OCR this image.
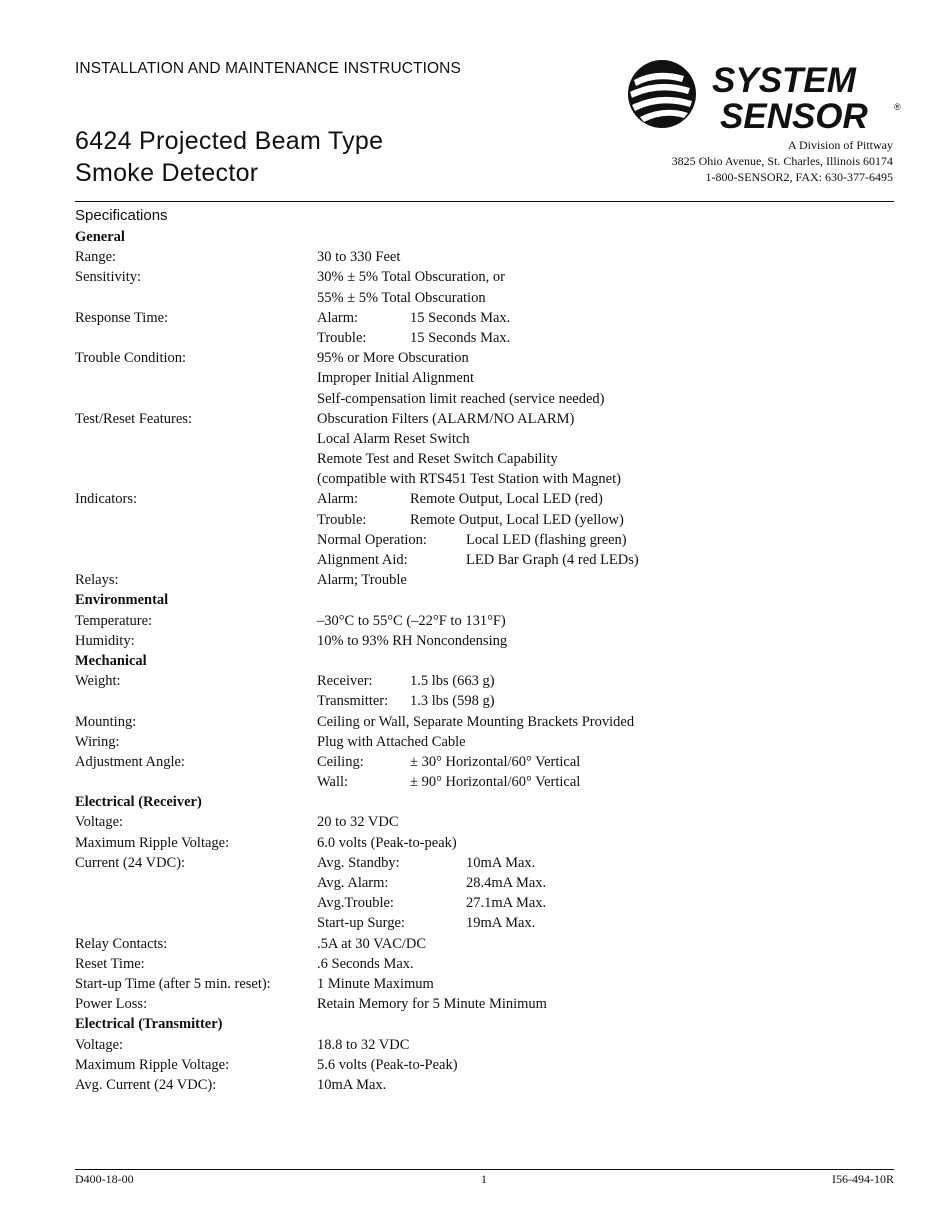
INSTALLATION AND MAINTENANCE INSTRUCTIONS
6424 Projected Beam Type
Smoke Detector
SYSTEM
SENSOR	®
A Division of Pittway
3825 Ohio Avenue, St. Charles, Illinois 60174
1-800-SENSOR2, FAX: 630-377-6495
Specifications
General
Range:	30 to 330 Feet
Sensitivity:	30% ± 5% Total Obscuration, or
55% ± 5% Total Obscuration
Response Time:	Alarm:	15 Seconds Max.
Trouble:	15 Seconds Max.
Trouble Condition:	95% or More Obscuration
Improper Initial Alignment
Self-compensation limit reached (service needed)
Test/Reset Features:	Obscuration Filters (ALARM/NO ALARM)
Local Alarm Reset Switch
Remote Test and Reset Switch Capability
(compatible with RTS451 Test Station with Magnet)
Indicators:	Alarm:	Remote Output, Local LED (red)
Trouble:	Remote Output, Local LED (yellow)
Normal Operation:	Local LED (flashing green)
Alignment Aid:	LED Bar Graph (4 red LEDs)
Relays:	Alarm; Trouble
Environmental
Temperature:	–30°C to 55°C (–22°F to 131°F)
Humidity:	10% to 93% RH Noncondensing
Mechanical
Weight:	Receiver:	1.5 lbs (663 g)
Transmitter: 1.3 lbs (598 g)
Mounting:	Ceiling or Wall, Separate Mounting Brackets Provided
Wiring:	Plug with Attached Cable
Adjustment Angle:	Ceiling:	± 30° Horizontal/60° Vertical
Wall:	± 90° Horizontal/60° Vertical
Electrical (Receiver)
Voltage:	20 to 32 VDC
Maximum Ripple Voltage:	6.0 volts (Peak-to-peak)
Current (24 VDC):	Avg. Standby:	10mA Max.
Avg. Alarm:	28.4mA Max.
Avg.Trouble:	27.1mA Max.
Start-up Surge:	19mA Max.
Relay Contacts:	.5A at 30 VAC/DC
Reset Time:	.6 Seconds Max.
Start-up Time (after 5 min. reset):	1 Minute Maximum
Power Loss:	Retain Memory for 5 Minute Minimum
Electrical (Transmitter)
Voltage:	18.8 to 32 VDC
Maximum Ripple Voltage:	5.6 volts (Peak-to-Peak)
Avg. Current (24 VDC):	10mA Max.
D400-18-00	1	I56-494-10R
